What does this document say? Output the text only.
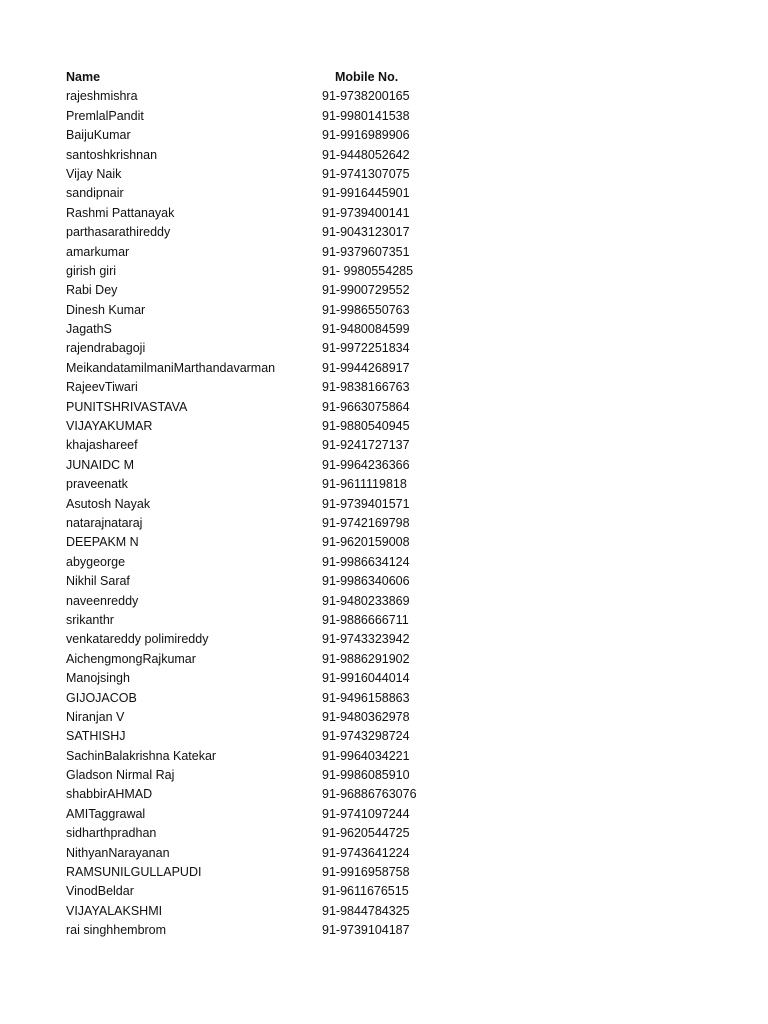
Name	Mobile No.
rajeshmishra	91-9738200165
PremlalPandit	91-9980141538
BaijuKumar	91-9916989906
santoshkrishnan	91-9448052642
Vijay Naik	91-9741307075
sandipnair	91-9916445901
Rashmi Pattanayak	91-9739400141
parthasarathireddy	91-9043123017
amarkumar	91-9379607351
girish giri	91- 9980554285
Rabi Dey	91-9900729552
Dinesh Kumar	91-9986550763
JagathS	91-9480084599
rajendrabagoji	91-9972251834
MeikandatamilmaniMarthandavarman	91-9944268917
RajeevTiwari	91-9838166763
PUNITSHRIVASTAVA	91-9663075864
VIJAYAKUMAR	91-9880540945
khajashareef	91-9241727137
JUNAIDC M	91-9964236366
praveenatk	91-9611119818
Asutosh Nayak	91-9739401571
natarajnataraj	91-9742169798
DEEPAKM N	91-9620159008
abygeorge	91-9986634124
Nikhil Saraf	91-9986340606
naveenreddy	91-9480233869
srikanthr	91-9886666711
venkatareddy polimireddy	91-9743323942
AichengmongRajkumar	91-9886291902
Manojsingh	91-9916044014
GIJOJACOB	91-9496158863
Niranjan V	91-9480362978
SATHISHJ	91-9743298724
SachinBalakrishna Katekar	91-9964034221
Gladson Nirmal Raj	91-9986085910
shabbirAHMAD	91-96886763076
AMITaggrawal	91-9741097244
sidharthpradhan	91-9620544725
NithyanNarayanan	91-9743641224
RAMSUNILGULLAPUDI	91-9916958758
VinodBeldar	91-9611676515
VIJAYALAKSHMI	91-9844784325
rai singhhembrom	91-9739104187
